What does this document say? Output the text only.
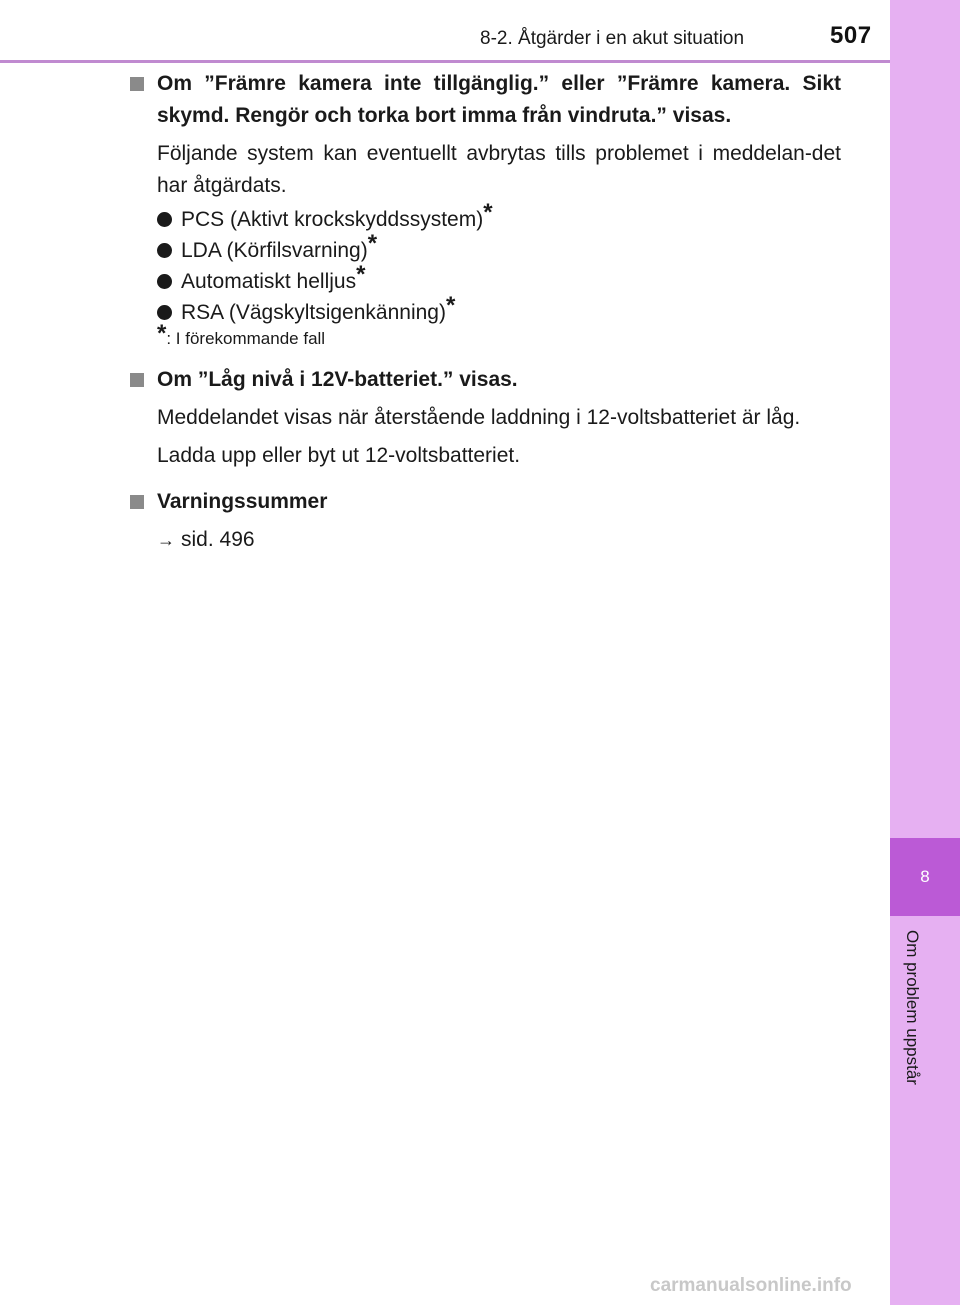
8-2. Åtgärder i en akut situation	507
8
Om problem uppstår
Om ”Främre kamera inte tillgänglig.” eller ”Främre kamera. Sikt skymd. Rengör och torka bort imma från vindruta.” visas.
Följande system kan eventuellt avbrytas tills problemet i meddelan-det har åtgärdats.
PCS (Aktivt krockskyddssystem)*
LDA (Körfilsvarning)*
Automatiskt helljus*
RSA (Vägskyltsigenkänning)*
*: I förekommande fall
Om ”Låg nivå i 12V-batteriet.” visas.
Meddelandet visas när återstående laddning i 12-voltsbatteriet är låg.
Ladda upp eller byt ut 12-voltsbatteriet.
Varningssummer
→ sid. 496
carmanualsonline.info
